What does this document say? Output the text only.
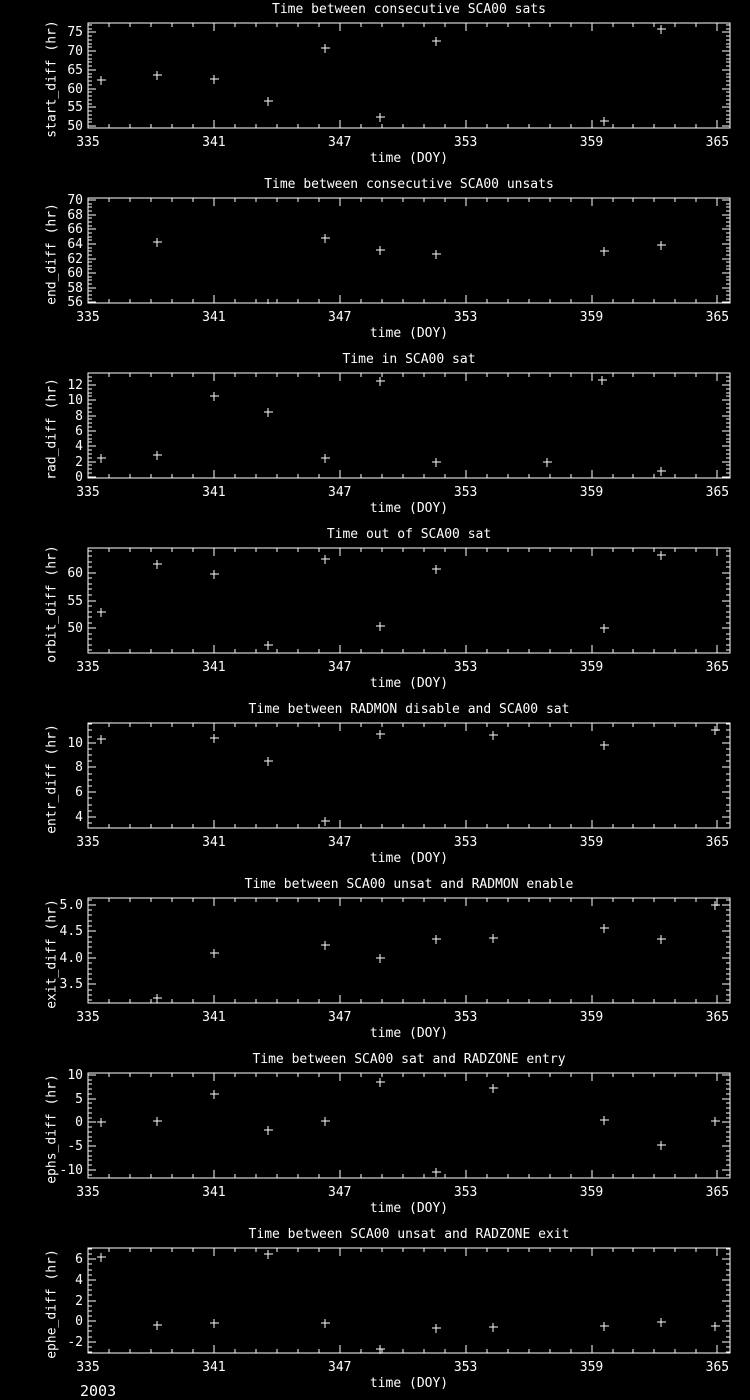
Time between consecutive SCA00 sats
start_diff (hr)
335	341	347	353	359	365
50
55
60
65
70
75
time (DOY)
Time between consecutive SCA00 unsats
end_diff (hr)
335	341	347	353	359	365
56
58
60
62
64
66
68
70
time (DOY)
Time in SCA00 sat
rad_diff (hr)
335	341	347	353	359	365
0
2
4
6
8
10
12
time (DOY)
Time out of SCA00 sat
orbit_diff (hr)
335	341	347	353	359	365
50
55
60
time (DOY)
Time between RADMON disable and SCA00 sat
entr_diff (hr)
335	341	347	353	359	365
4
6
8
10
time (DOY)
Time between SCA00 unsat and RADMON enable
exit_diff (hr)
335	341	347	353	359	365
3.5
4.0
4.5
5.0
time (DOY)
Time between SCA00 sat and RADZONE entry
ephs_diff (hr)
335	341	347	353	359	365
-10
-5
0
5
10
time (DOY)
Time between SCA00 unsat and RADZONE exit
ephe_diff (hr)
335	341	347	353	359	365
-2
0
2
4
6
time (DOY)
2003
